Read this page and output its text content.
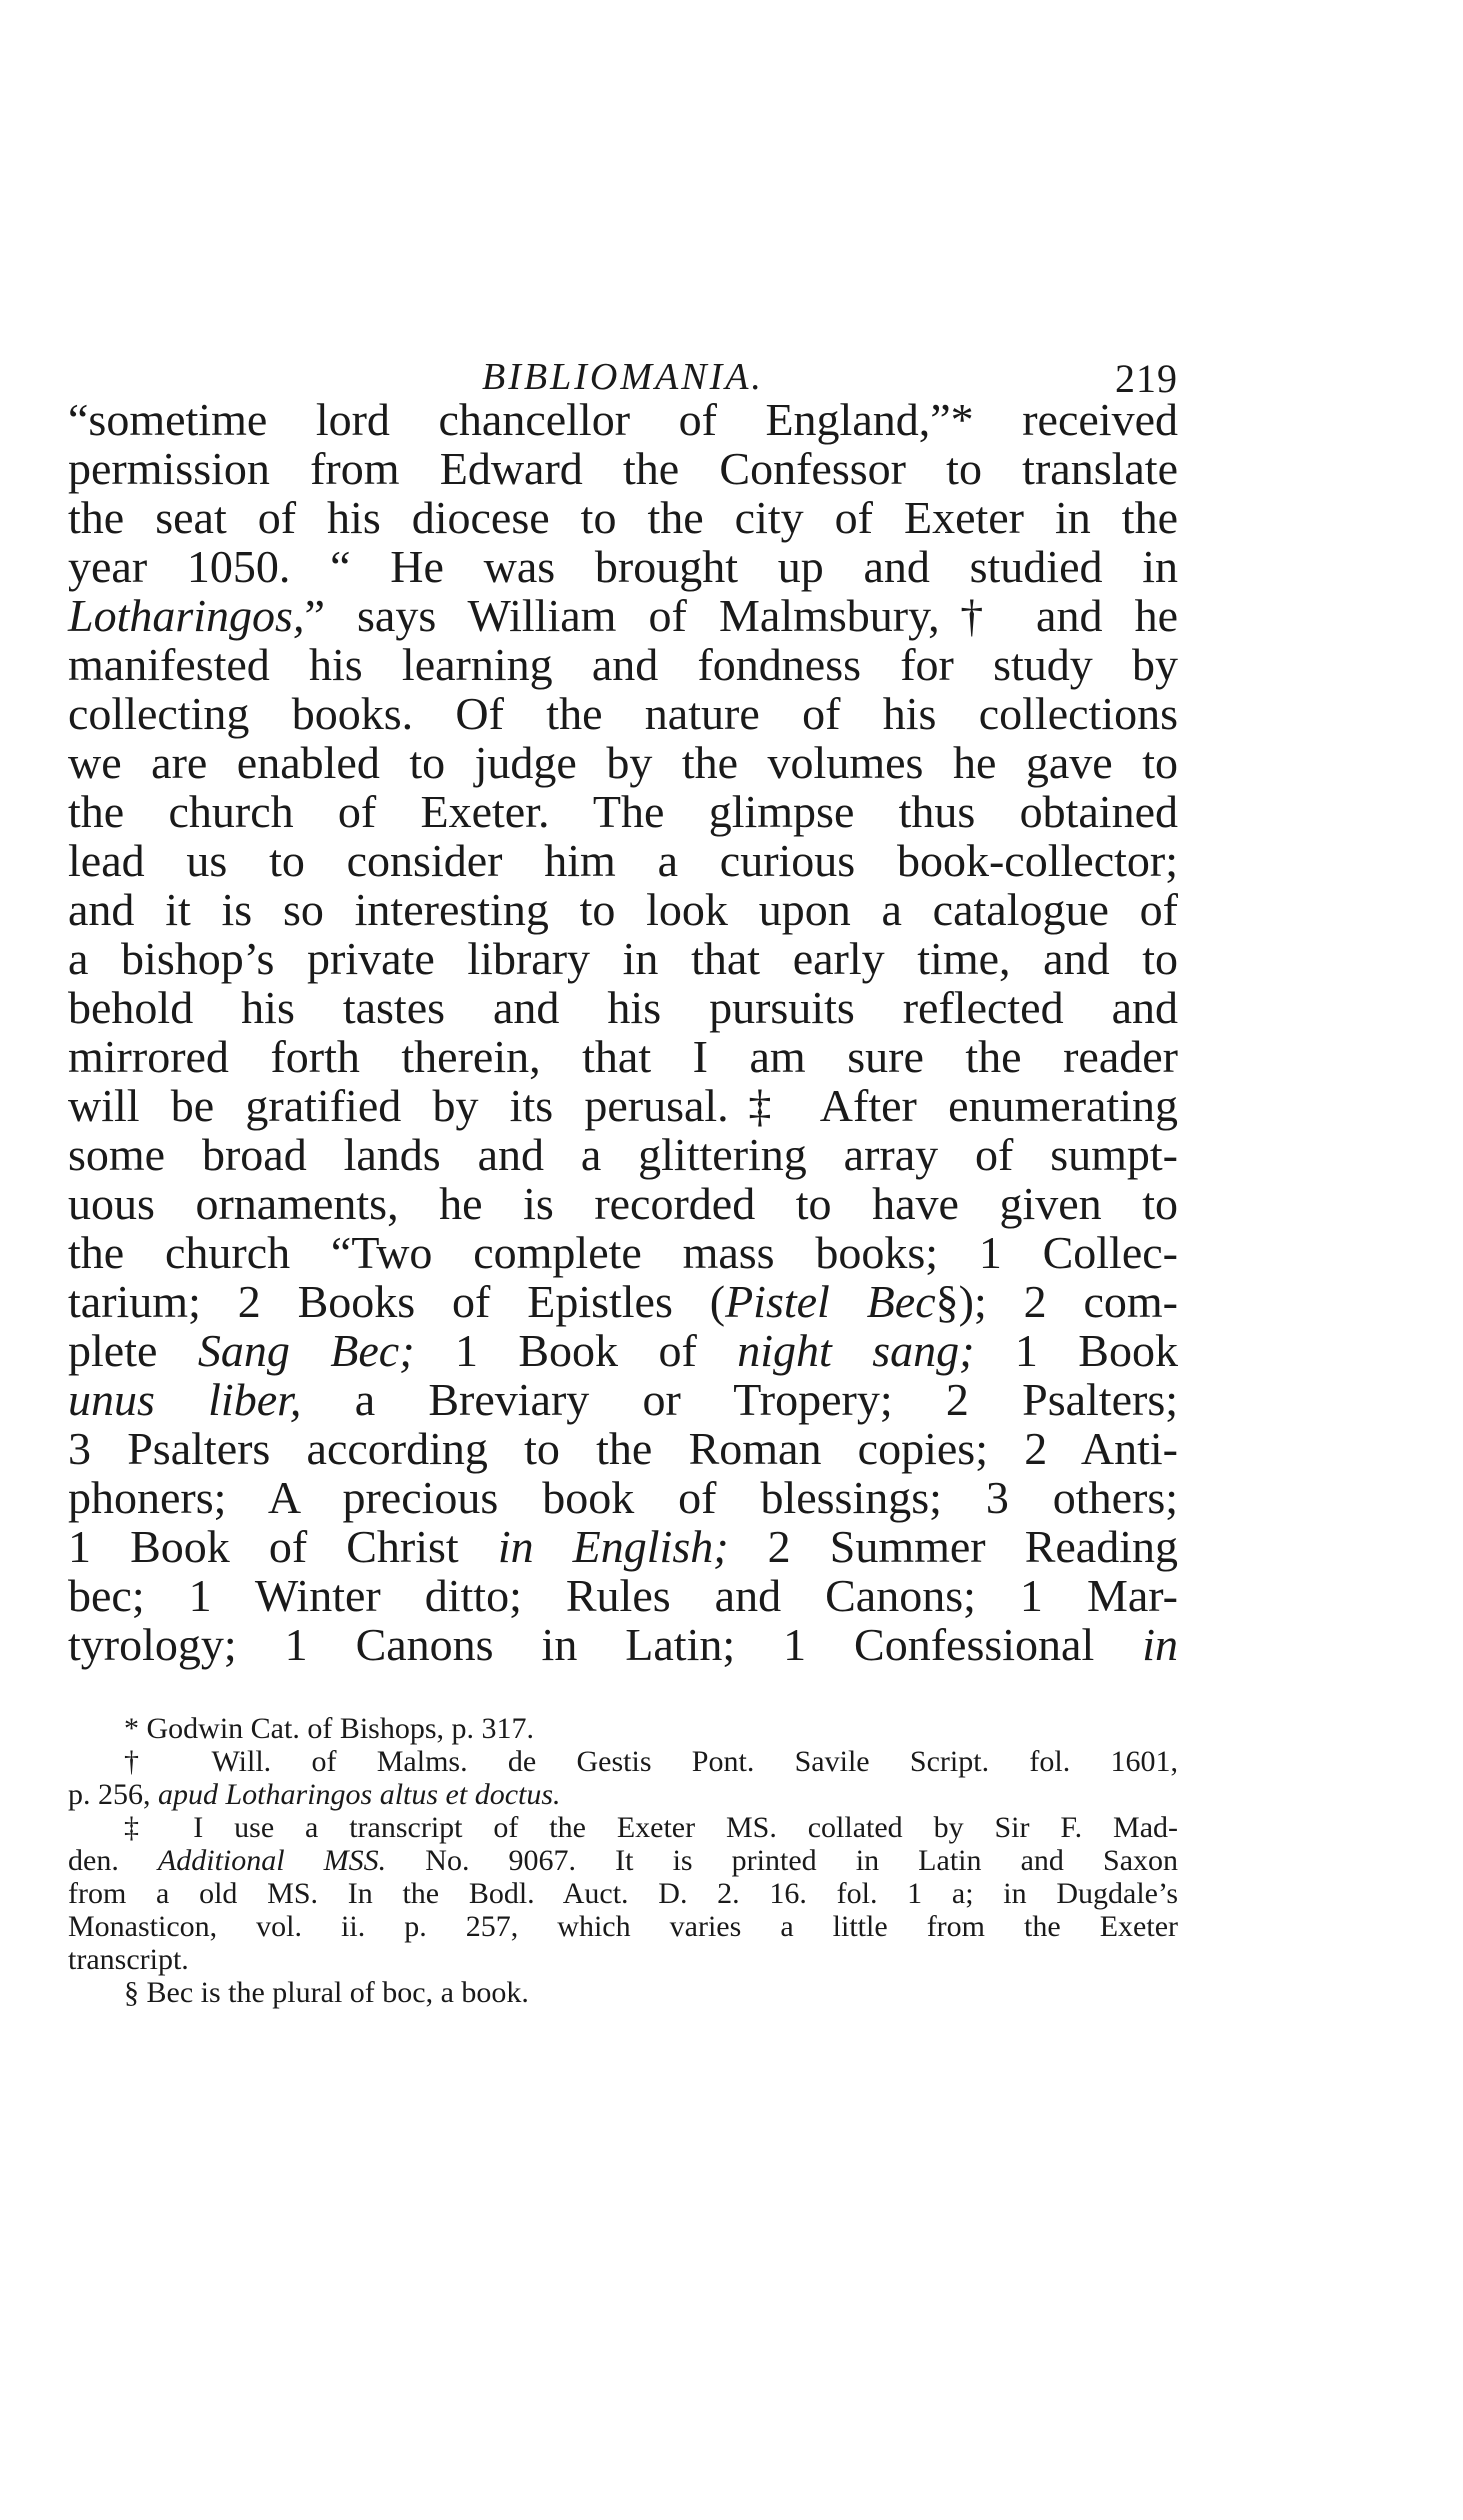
BIBLIOMANIA.	219
“sometime lord chancellor of England,”* received
permission from Edward the Confessor to translate
the seat of his diocese to the city of Exeter in the
year 1050. “ He was brought up and studied in
Lotharingos,” says William of Malmsbury,† and he
manifested his learning and fondness for study by
collecting books. Of the nature of his collections
we are enabled to judge by the volumes he gave to
the church of Exeter. The glimpse thus obtained
lead us to consider him a curious book-collector;
and it is so interesting to look upon a catalogue of
a bishop’s private library in that early time, and to
behold his tastes and his pursuits reflected and
mirrored forth therein, that I am sure the reader
will be gratified by its perusal.‡ After enumerating
some broad lands and a glittering array of sumpt-
uous ornaments, he is recorded to have given to
the church “Two complete mass books; 1 Collec-
tarium; 2 Books of Epistles (Pistel Bec§); 2 com-
plete Sang Bec; 1 Book of night sang; 1 Book
unus liber, a Breviary or Tropery; 2 Psalters;
3 Psalters according to the Roman copies; 2 Anti-
phoners; A precious book of blessings; 3 others;
1 Book of Christ in English; 2 Summer Reading
bec; 1 Winter ditto; Rules and Canons; 1 Mar-
tyrology; 1 Canons in Latin; 1 Confessional in
* Godwin Cat. of Bishops, p. 317.
† Will. of Malms. de Gestis Pont. Savile Script. fol. 1601,
p. 256, apud Lotharingos altus et doctus.
‡ I use a transcript of the Exeter MS. collated by Sir F. Mad-
den. Additional MSS. No. 9067. It is printed in Latin and Saxon
from a old MS. In the Bodl. Auct. D. 2. 16. fol. 1 a; in Dugdale’s
Monasticon, vol. ii. p. 257, which varies a little from the Exeter
transcript.
§ Bec is the plural of boc, a book.
